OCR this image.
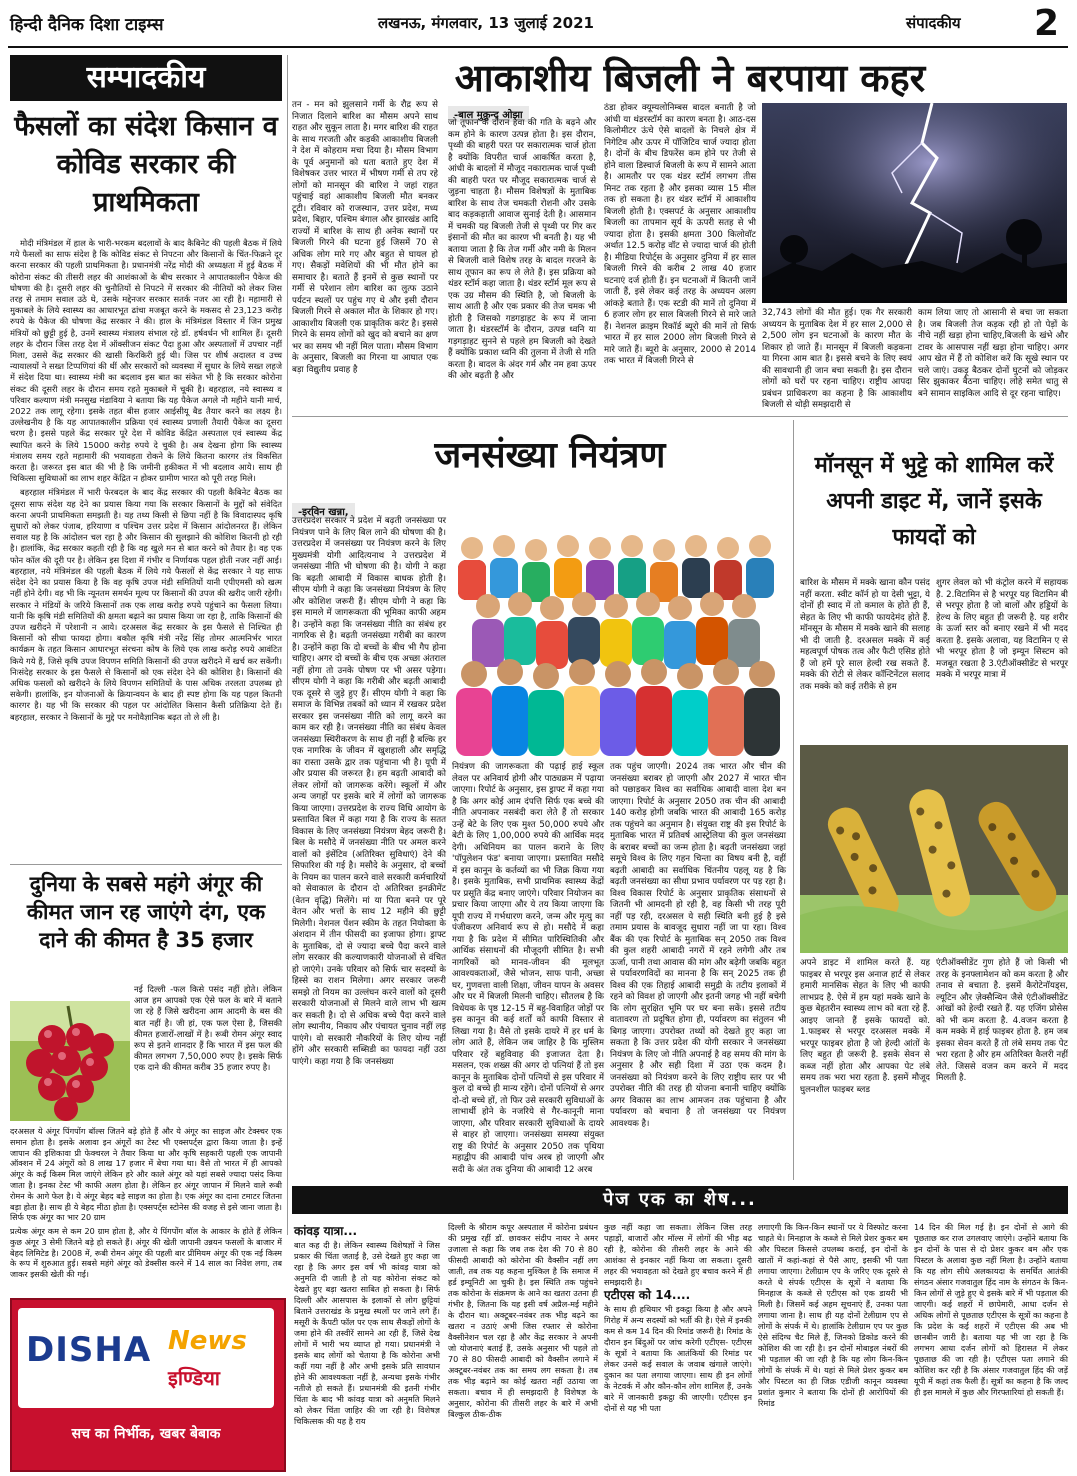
हिन्दी दैनिक दिशा टाइम्स	लखनऊ, मंगलवार, 13 जुलाई 2021	संपादकीय 2
सम्पादकीय
फैसलों का संदेश किसान व कोविड सरकार की प्राथमिकता

मोदी मंत्रिमंडल में हाल के भारी-भरकम बदलावों के बाद कैबिनेट की पहली बैठक में लिये गये फैसलों का साफ संदेश है कि कोविड संकट से निपटना और किसानों के चिंत-फिक्रने दूर करना सरकार की पहली प्राथमिकता है। प्रधानमंत्री नरेंद्र मोदी की अध्यक्षता में हुई बैठक में कोरोना संकट की तीसरी लहर की आशंकाओं के बीच सरकार ने आपातकालीन पैकेज की घोषणा की है। दूसरी लहर की चुनौतियों से निपटने में सरकार की नीतियों को लेकर जिस तरह से तमाम सवाल उठे थे, उसके मद्देनजर सरकार सतर्क नजर आ रही है। महामारी से मुकाबले के लिये स्वास्थ्य का आधारभूत ढांचा मजबूत करने के मकसद से 23,123 करोड़ रुपये के पैकेज की घोषणा केंद्र सरकार ने की। हाल के मंत्रिमंडल विस्तार में जिन प्रमुख मंत्रियों को छुट्टी हुई है, उनमें स्वास्थ्य मंत्रालय संभाल रहे डॉ. हर्षवर्धन भी शामिल हैं। दूसरी लहर के दौरान जिस तरह देश में ऑक्सीजन संकट पैदा हुआ और अस्पतालों में उपचार नहीं मिला, उससे केंद्र सरकार की खासी किरकिरी हुई थी। जिस पर शीर्ष अदालत व उच्च न्यायालयों ने सख्त टिप्पणियां की थीं और सरकारों को व्यवस्था में सुधार के लिये सख्त लहजे में संदेश दिया था। स्वास्थ्य मंत्री का बदलाव इस बात का संकेत भी है कि सरकार कोरोना संकट की दूसरी लहर के दौरान समय रहते मुकाबले में चूकी है। बहरहाल, नये स्वास्थ्य व परिवार कल्याण मंत्री मनसुख मंडाविया ने बताया कि यह पैकेज अगले नौ महीने यानी मार्च, 2022 तक लागू रहेगा। इसके तहत बीस हजार आईसीयू बैड तैयार करने का लक्ष्य है। उल्लेखनीय है कि यह आपातकालीन प्रक्रिया एवं स्वास्थ्य प्रणाली तैयारी पैकेज का दूसरा चरण है। इससे पहले केंद्र सरकार पूरे देश में कोविड केंद्रित अस्पताल एवं स्वास्थ्य केंद्र स्थापित करने के लिये 15000 करोड़ रुपये दे चुकी है। अब देखना होगा कि स्वास्थ्य मंत्रालय समय रहते महामारी की भयावहता रोकने के लिये कितना कारगर तंत्र विकसित करता है। जरूरत इस बात की भी है कि जमीनी हकीकत में भी बदलाव आये। साथ ही चिकित्सा सुविधाओं का लाभ शहर केंद्रित न होकर ग्रामीण भारत को पूरी तरह मिले।

बहरहाल मंत्रिमंडल में भारी फेरबदल के बाद केंद्र सरकार की पहली कैबिनेट बैठक का दूसरा साफ संदेश यह देने का प्रयास किया गया कि सरकार किसानों के मुद्दों को संवेदित करना अपनी प्राथमिकता समझती है। यह तथ्य किसी से छिपा नहीं है कि विवादास्पद कृषि सुधारों को लेकर पंजाब, हरियाणा व पश्चिम उत्तर प्रदेश में किसान आंदोलनरत हैं। लेकिन सवाल यह है कि आंदोलन चल रहा है और किसान की सुलझाने की कोशिश कितनी हो रही है। हालांकि, केंद्र सरकार कहती रही है कि वह खुले मन से बात करने को तैयार है। वह एक फोन कॉल की दूरी पर है। लेकिन इस दिशा में गंभीर व निर्णायक पहल होती नजर नहीं आई। बहरहाल, नये मंत्रिमंडल की पहली बैठक में लिये गये फैसलों से केंद्र सरकार ने यह साफ संदेश देने का प्रयास किया है कि वह कृषि उपज मंडी समितियों यानी एपीएमसी को खत्म नहीं होने देगी। वह भी कि न्यूनतम समर्थन मूल्य पर किसानों की उपज की खरीद जारी रहेगी। सरकार ने मंडियों के जरिये किसानों तक एक लाख करोड़ रुपये पहुंचाने का फैसला लिया। यानी कि कृषि मंडी समितियों की क्षमता बढ़ाने का प्रयास किया जा रहा है, ताकि किसानों की उपज खरीदने में परेशानी न आये। दरअसल केंद्र सरकार के इस फैसले से निश्चित ही किसानों को सीधा फायदा होगा। बकौल कृषि मंत्री नरेंद्र सिंह तोमर आत्मनिर्भर भारत कार्यक्रम के तहत किसान आधारभूत संरचना कोष के लिये एक लाख करोड़ रुपये आवंटित किये गये हैं, जिसे कृषि उपज विपणन समिति किसानों की उपज खरीदने में खर्च कर सकेंगी। निःसंदेह सरकार के इस फैसले से किसानों को एक संदेश देने की कोशिश है। किसानों की अधिक फसलों को खरीदने के लिये विपणन समितियों के पास अधिक तरलता उपलब्ध हो सकेगी। हालांकि, इन योजनाओं के क्रियान्वयन के बाद ही स्पष्ट होगा कि यह पहल कितनी कारगर है। यह भी कि सरकार की पहल पर आंदोलित किसान कैसी प्रतिक्रिया देते हैं। बहरहाल, सरकार ने किसानों के मुद्दे पर मनोवैज्ञानिक बढ़त तो ले ली है।

दुनिया के सबसे महंगे अंगूर की कीमत जान रह जाएंगे दंग, एक दाने की कीमत है 35 हजार
नई दिल्ली -फल किसे पसंद नहीं होते। लेकिन आज हम आपको एक ऐसे फल के बारे में बताने जा रहे हैं जिसे खरीदना आम आदमी के बस की बात नहीं है। जी हां, एक फल ऐसा है, जिसकी कीमत हजारों-लाखों में है। रूबी रोमन अंगूर स्वाद रूप से इतने शानदार हैं कि भारत में इस फल की कीमत लगभग 7,50,000 रुपए है। इसके सिर्फ एक दाने की कीमत करीब 35 हजार रुपए है।
दरअसल ये अंगूर पिंगपोंग बॉल्स जितने बड़े होते हैं और ये अंगूर का साइज और टेक्स्चर एक समान होता है। इसके अलावा इन अंगूरों का टेस्ट भी एक्सपर्ट्स द्वारा किया जाता है। इन्हें जापान की इशिकावा प्री फेक्चरल ने तैयार किया था और कृषि सहकारी पहली एक जापानी ऑक्शन में 24 अंगूरों को 8 लाख 17 हजार में बेचा गया था। वैसे तो भारत में ही आपको अंगूर के कई किस्म मिल जाएंगे लेकिन हरे और काले अंगूर को यहां सबसे ज्यादा पसंद किया जाता है। इनका टेस्ट भी काफी अलग होता है। लेकिन हर अंगूर जापान में मिलने वाले रूबी रोमन के आगे फेल है। ये अंगूर बेहद बड़े साइज का होता है। एक अंगूर का दाना टमाटर जितना बड़ा होता है। साथ ही ये बेहद मीठा होता है। एक्सपर्ट्स स्टोनेस की वजह से इसे जाना जाता है। सिर्फ एक अंगूर का भार 20 ग्राम
प्रत्येक अंगूर कम से कम 20 ग्राम होता है, और ये पिंगपोंग बॉल के आकार के होते हैं लेकिन कुछ अंगूर 3 सेमी जितने बड़े हो सकते हैं। अंगूर की खेती जापानी उन्नयन फसलों के बाजार में बेहद लिमिटेड है। 2008 में, रूबी रोमन अंगूर की पहली बार प्रीमियम अंगूर की एक नई किस्म के रूप में शुरुआत हुई। सबसे महंगे अंगूर को डेक्सीस करने में 14 साल का निवेश लगा, तब जाकर इसकी खेती की गई।
DISHA News
इण्डिया
सच का निर्भीक, खबर बेबाक
आकाशीय बिजली ने बरपाया कहर
तन - मन को झुलसाने गर्मी के रौद्र रूप से निजात दिलाने बारिश का मौसम अपने साथ राहत और सुकून लाता है। मगर बारिश की राहत के साथ गरजती और कड़की आकाशीय बिजली ने देश में कोहराम मचा दिया है। मौसम विभाग के पूर्व अनुमानों को धता बताते हुए देश में विशेषकर उत्तर भारत में भीषण गर्मी से तप रहे लोगों को मानसून की बारिश ने जहां राहत पहुंचाई वहां आकाशीय बिजली मौत बनकर टूटी। रविवार को राजस्थान, उत्तर प्रदेश, मध्य प्रदेश, बिहार, पश्चिम बंगाल और झारखंड आदि राज्यों में बारिश के साथ ही अनेक स्थानों पर बिजली गिरने की घटना हुई जिसमें 70 से अधिक लोग मारे गए और बहुत से घायल हो गए। सैकड़ों मवेशियों की भी मौत होने का समाचार है। बताते हैं इनमें से कुछ स्थानों पर गर्मी से परेशान लोग बारिश का लुत्फ उठाने पर्यटन स्थलों पर पहुंच गए थे और इसी दौरान बिजली गिरने से अकाल मौत के शिकार हो गए। आकाशीय बिजली एक प्राकृतिक करंट है। इससे गिरने के समय लोगों को खुद को बचाने का क्षण भर का समय भी नहीं मिल पाता। मौसम विभाग के अनुसार, बिजली का गिरना या आघात एक बड़ा विद्युतीय प्रवाह है
-बाल मुकुन्द ओझा
जो तूफान के दौरान हवा की गति के बढ़ने और कम होने के कारण उत्पन्न होता है। इस दौरान, पृथ्वी की बाहरी परत पर सकारात्मक चार्ज होता है क्योंकि विपरीत चार्ज आकर्षित करता है, आंधी के बादलों में मौजूद नकारात्मक चार्ज पृथ्वी की बाहरी परत पर मौजूद सकारात्मक चार्ज से जुड़ना चाहता है। मौसम विशेषज्ञों के मुताबिक बारिश के साथ तेज चमकती रोशनी और उसके बाद कड़कड़ाती आवाज सुनाई देती है। आसमान में चमकी यह बिजली तेजी से पृथ्वी पर गिर कर इंसानों की मौत का कारण भी बनती है। यह भी बताया जाता है कि तेज गर्मी और नमी के मिलन से बिजली वाले विशेष तरह के बादल गरजने के साथ तूफान का रूप ले लेते हैं। इस प्रक्रिया को थंडर स्टॉर्म कहा जाता है। थंडर स्टॉर्म मूल रूप से एक उग्र मौसम की स्थिति है, जो बिजली के साथ आती है और एक प्रकार की तेज चमक भी होती है जिसको गडगड़ाहट के रूप में जाना जाता है। थंडरस्टॉर्म के दौरान, उत्पन्न ध्वनि या गड़गड़ाहट सुनने से पहले हम बिजली को देखते हैं क्योंकि प्रकाश ध्वनि की तुलना में तेजी से गति करता है। बादल के अंदर गर्म और नम हवा ऊपर की ओर बढ़ती है और
ठंडा होकर क्यूम्यलोनिम्बस बादल बनाती है जो आंधी या थंडरस्टॉर्म का कारण बनता है। आठ-दस किलोमीटर ऊंचे ऐसे बादलों के निचले क्षेत्र में निगेटिव और ऊपर में पॉजिटिव चार्ज ज्यादा होता है। दोनों के बीच डिफरेंस कम होने पर तेजी से होने वाला डिस्चार्ज बिजली के रूप में सामने आता है। आमतौर पर एक थंडर स्टॉर्म लगभग तीस मिनट तक रहता है और इसका व्यास 15 मील तक हो सकता है। हर थंडर स्टॉर्म में आकाशीय बिजली होती है। एक्सपर्ट के अनुसार आकाशीय बिजली का तापमान सूर्य के ऊपरी सतह से भी ज्यादा होता है। इसकी क्षमता 300 किलोवॉट अर्थात 12.5 करोड़ वॉट से ज्यादा चार्ज की होती है। मीडिया रिपोर्ट्स के अनुसार दुनिया में हर साल बिजली गिरने की करीब 2 लाख 40 हजार घटनाएं दर्ज होती हैं। इन घटनाओं में कितनी जानें जाती हैं, इसे लेकर कई तरह के अध्ययन अलग आंकड़े बताते हैं। एक स्टडी की मानें तो दुनिया में 6 हजार लोग हर साल बिजली गिरने से मारे जाते हैं। नेशनल क्राइम रिकॉर्ड ब्यूरो की मानें तो सिर्फ भारत में हर साल 2000 लोग बिजली गिरने से मारे जाते हैं। ब्यूरो के अनुसार, 2000 से 2014 तक भारत में बिजली गिरने से
32,743 लोगों की मौत हुई। एक गैर सरकारी अध्ययन के मुताबिक देश में हर साल 2,000 से 2,500 लोग इन घटनाओं के कारण मौत के शिकार हो जाते हैं। मानसून में बिजली कड़कना या गिरना आम बात है। इससे बचने के लिए स्वयं की सावधानी ही जान बचा सकती है। इस दौरान लोगों को घरों पर रहना चाहिए। राष्ट्रीय आपदा प्रबंधन प्राधिकरण का कहना है कि आकाशीय बिजली से थोड़ी समझदारी से
काम लिया जाए तो आसानी से बचा जा सकता है। जब बिजली तेज कड़क रही हो तो पेड़ों के नीचे नहीं खड़ा होना चाहिए,बिजली के खंभे और टावर के आसपास नहीं खड़ा होना चाहिए। अगर आप खेत में हैं तो कोशिश करें कि सूखे स्थान पर चले जाएं। उकड़ू बैठकर दोनों घुटनों को जोड़कर सिर झुकाकर बैठना चाहिए। लोहे समेत धातु से बने सामान साइकिल आदि से दूर रहना चाहिए।
जनसंख्या नियंत्रण
-इरविन खन्ना,
उत्तरप्रदेश सरकार ने प्रदेश में बढ़ती जनसंख्या पर नियंत्रण पाने के लिए बिल लाने की घोषणा की है। उत्तरप्रदेश में जनसंख्या पर नियंत्रण करने के लिए मुख्यमंत्री योगी आदित्यनाथ ने उत्तरप्रदेश में जनसंख्या नीति भी घोषणा की है। योगी ने कहा कि बढ़ती आबादी में विकास बाधक होती है। सीएम योगी ने कहा कि जनसंख्या नियंत्रण के लिए और कोशिश जरूरी हैं। सीएम योगी ने कहा कि इस मामले में जागरूकता की भूमिका काफी अहम है। उन्होंने कहा कि जनसंख्या नीति का संबंध हर नागरिक से है। बढ़ती जनसंख्या गरीबी का कारण है। उन्होंने कहा कि दो बच्चों के बीच भी गैप होना चाहिए। अगर दो बच्चों के बीच एक अच्छा अंतराल नहीं होगा तो उनके पोषण पर भी असर पड़ेगा। सीएम योगी ने कहा कि गरीबी और बढ़ती आबादी एक दूसरे से जुड़े हुए हैं। सीएम योगी ने कहा कि समाज के विभिन्न तबकों को ध्यान में रखकर प्रदेश सरकार इस जनसंख्या नीति को लागू करने का काम कर रही है। जनसंख्या नीति का संबंध केवल जनसंख्या स्थिरीकरण के साथ ही नहीं है बल्कि हर एक नागरिक के जीवन में खुशहाली और समृद्धि का रास्ता उसके द्वार तक पहुंचाना भी है। यूपी में और प्रयास की जरूरत है। हम बढ़ती आबादी को लेकर लोगों को जागरूक करेंगे। स्कूलों में और अन्य जगहों पर इसके बारे में लोगों को जागरूक किया जाएगा। उत्तरप्रदेश के राज्य विधि आयोग के प्रस्तावित बिल में कहा गया है कि राज्य के सतत विकास के लिए जनसंख्या नियंत्रण बेहद जरूरी है। बिल के मसौदे में जनसंख्या नीति पर अमल करने वालों को इंसेंटिव (अतिरिक्त सुविधाएं) देने की सिफारिश की गई है। मसौदे के अनुसार, दो बच्चों के नियम का पालन करने वाले सरकारी कर्मचारियों को सेवाकाल के दौरान दो अतिरिक्त इनक्रीमेंट (वेतन वृद्धि) मिलेंगे। मां या पिता बनने पर पूरे वेतन और भत्तों के साथ 12 महीने की छुट्टी मिलेगी। नेशनल पेंशन स्कीम के तहत नियोक्ता के अंशदान में तीन फीसदी का इजाफा होगा। ड्राफ्ट के मुताबिक, दो से ज्यादा बच्चे पैदा करने वाले लोग सरकार की कल्याणकारी योजनाओं से वंचित हो जाएंगे। उनके परिवार को सिर्फ चार सदस्यों के हिस्से का राशन मिलेगा। अगर सरकार जरूरी समझे तो नियम का उल्लंघन करने वालों को दूसरी सरकारी योजनाओं से मिलने वाले लाभ भी खत्म कर सकती है। दो से अधिक बच्चे पैदा करने वाले लोग स्थानीय, निकाय और पंचायत चुनाव नहीं लड़ पाएंगे। वो सरकारी नौकरियों के लिए योग्य नहीं होंगे और सरकारी सब्सिडी का फायदा नहीं उठा पाएंगे। कहा गया है कि जनसंख्या
नियंत्रण की जागरूकता की पढ़ाई हाई स्कूल लेवल पर अनिवार्य होगी और पाठ्यक्रम में पढ़ाया जाएगा। रिपोर्ट के अनुसार, इस ड्राफ्ट में कहा गया है कि अगर कोई आम दंपत्ति सिर्फ एक बच्चे की नीति अपनाकर नसबंदी करा लेते हैं तो सरकार उन्हें बेटे के लिए एक मुश्त 50,000 रुपये और बेटी के लिए 1,00,000 रुपये की आर्थिक मदद देगी। अधिनियम का पालन कराने के लिए 'पॉपुलेशन फंड' बनाया जाएगा। प्रस्तावित मसौदे में इस कानून के कर्तव्यों का भी जिक्र किया गया है। इसके मुताबिक, सभी प्राथमिक स्वास्थ्य केंद्रों पर प्रसूति केंद्र बनाए जाएंगे। परिवार नियोजन का प्रचार किया जाएगा और ये तय किया जाएगा कि यूपी राज्य में गर्भधारण करने, जन्म और मृत्यु का पंजीकरण अनिवार्य रूप से हो। मसौदे में कहा गया है कि प्रदेश में सीमित पारिस्थितिकी और आर्थिक संसाधनों की मौजूदगी सीमित है। सभी नागरिकों को मानव-जीवन की मूलभूत आवश्यकताओं, जैसे भोजन, साफ पानी, अच्छा घर, गुणवत्ता वाली शिक्षा, जीवन यापन के अवसर और घर में बिजली मिलनी चाहिए। सौतलब है कि विधेयक के पृष्ठ 12-15 में बहु-विवाहित जोड़ों पर इस कानून की कई शर्तों को काफी विस्तार से लिखा गया है। वैसे तो इसके दायरे में हर धर्म के लोग आते हैं, लेकिन जब जाहिर है कि मुस्लिम परिवार रहें बहुविवाह की इजाजत देता है। मसलन, एक शख्स की अगर दो पत्नियां हैं तो इस कानून के मुताबिक दोनों पत्नियों से इस परिवार में कुल दो बच्चे ही मान्य रहेंगे। दोनों पत्नियों से अगर दो-दो बच्चे हों, तो फिर उसे सरकारी सुविधाओं के लाभार्थी होने के नजरिये से गैर-कानूनी माना जाएगा, और परिवार सरकारी सुविधाओं के दायरे से बाहर हो जाएगा। जनसंख्या समस्या संयुक्त राष्ट्र की रिपोर्ट के अनुसार 2050 तक पृथिया महाद्वीप की आबादी पांच अरब हो जाएगी और सदी के अंत तक दुनिया की आबादी 12 अरब
तक पहुंच जाएगी। 2024 तक भारत और चीन की जनसंख्या बराबर हो जाएगी और 2027 में भारत चीन को पछाड़कर विश्व का सर्वाधिक आबादी वाला देश बन जाएगा। रिपोर्ट के अनुसार 2050 तक चीन की आबादी 140 करोड़ होगी जबकि भारत की आबादी 165 करोड़ तक पहुंचने का अनुमान है। संयुक्त राष्ट्र की इस रिपोर्ट के मुताबिक भारत में प्रतिवर्ष आस्ट्रेलिया की कुल जनसंख्या के बराबर बच्चों का जन्म होता है। बढ़ती जनसंख्या जहां समूचे विश्व के लिए गहन चिन्ता का विषय बनी है, वहीं बढ़ती आबादी का सर्वाधिक चिंतनीय पहलू यह है कि बढ़ती जनसंख्या का सीधा प्रभाव पर्यावरण पर पड़ रहा है। विश्व विकास रिपोर्ट के अनुसार प्राकृतिक संसाधनों से जितनी भी आमदनी हो रही है, वह किसी भी तरह पूरी नहीं पड़ रही, दरअसल ये सही स्थिति बनी हुई है इसे तमाम प्रयास के बावजूद सुधारा नहीं जा पा रहा। विश्व बैंक की एक रिपोर्ट के मुताबिक सन् 2050 तक विश्व की कुल शहरी आबादी नगरों में रहने लगेगी और तब ऊर्जा, पानी तथा आवास की मांग और बढ़ेगी जबकि बहुत से पर्यावरणविदों का मानना है कि सन् 2025 तक ही विश्व की एक तिहाई आबादी समुद्री के तटीय इलाकों में रहने को विवश हो जाएगी और इतनी जगह भी नहीं बचेगी कि लोग सुरक्षित भूमि पर घर बना सकें। इससे तटीय वातावरण तो प्रदूषित होगा ही, पर्यावरण का संतुलन भी बिगड़ जाएगा। उपरोक्त तथ्यों को देखते हुए कहा जा सकता है कि उत्तर प्रदेश की योगी सरकार ने जनसंख्या नियंत्रण के लिए जो नीति अपनाई है वह समय की मांग के अनुसार है और सही दिशा में उठा एक कदम है। जनसंख्या को नियंत्रण करने के लिए राष्ट्रीय स्तर पर भी उपरोक्त नीति की तरह ही योजना बनानी चाहिए क्योंकि अगर विकास का लाभ आमजन तक पहुंचाना है और पर्यावरण को बचाना है तो जनसंख्या पर नियंत्रण आवश्यक है।
मॉनसून में भुट्टे को शामिल करें अपनी डाइट में, जानें इसके फायदों को
बारिश के मौसम में मक्के खाना कौन पसंद नहीं करता. स्वीट कॉर्न हो या देसी भुट्टा, ये दोनों ही स्वाद में तो कमाल के होते ही हैं, सेहत के लिए भी काफी फायदेमंद होते हैं. मॉनसून के मौसम में मक्के खाने की सलाह भी दी जाती है. दरअसल मक्के में कई महत्वपूर्ण पोषक तत्व और फैटी एसिड होते हैं जो हमें पूरे साल हेल्दी रख सकते हैं. मक्के की रोटी से लेकर कॉन्टिनेंटल सलाद तक मक्के को कई तरीके से हम
शुगर लेवल को भी कंट्रोल करने में सहायक है. 2.विटामिन से है भरपूर यह विटामिन बी से भरपूर होता है जो बालों और हड्डियों के हेल्थ के लिए बहुत ही जरूरी है. यह शरीर के ऊर्जा स्तर को बनाए रखने में भी मदद करता है. इसके अलावा, यह विटामिन ए से भी भरपूर होता है जो इम्यून सिस्टम को मजबूत रखता है 3.एंटीऑक्सीडेंट से भरपूर मक्के में भरपूर मात्रा में
अपने डाइट में शामिल करते हैं. यह फाइबर से भरपूर इस अनाज हार्ट से लेकर हमारी मानसिक सेहत के लिए भी काफी लाभप्रद है. ऐसे में हम यहां मक्के खाने के कुछ बेहतरीन स्वास्थ्य लाभ को बता रहे हैं. आइए जानते हैं इसके फायदों को. 1.फाइबर से भरपूर दरअसल मक्के में भरपूर फाइबर होता है जो हेल्दी आंतों के लिए बहुत ही जरूरी है. इसके सेवन से कब्ज नहीं होता और आपका पेट लंबे समय तक भरा भरा रहता है. इसमें मौजूद घुलनशील फाइबर ब्लड
एंटीऑक्सीडेंट गुण होते हैं जो किसी भी तरह के इनफ्लामेशन को कम करता है और तनाव से बचाता है. इसमें कैरोटेनॉयड्स, ल्यूटिन और ज़ेक्सैन्थिन जैसे एंटीऑक्सीडेंट आंखों को हेल्दी रखते हैं. यह एजिंग प्रोसेस को भी कम करता है. 4.वजन करता है कम मक्के में हाई फाइबर होता है. हम जब इसका सेवन करते हैं तो लंबे समय तक पेट भरा रहता है और हम अतिरिक्त कैलरी नहीं लेते. जिससे वजन कम करने में मदद मिलती है.
पेज एक का शेष...
कांवड़ यात्रा...
बात कह दी है। लेकिन स्वास्थ्य विशेषज्ञों ने जिस प्रकार की चिंता जताई है, उसे देखते हुए कहा जा रहा है कि अगर इस वर्ष भी कांवड़ यात्रा को अनुमति दी जाती है तो यह कोरोना संकट को देखते हुए बड़ा खतरा साबित हो सकता है। सिर्फ दिल्ली और आसपास के इलाकों से लोग छुट्टियां बिताने उत्तराखंड के प्रमुख स्थलों पर जाने लगे हैं। मसूरी के कैंपटी फॉल पर एक साथ सैकड़ों लोगों के जमा होने की तस्वीरें सामने आ रही हैं, जिसे देख लोगों में भारी भय व्याप्त हो गया। प्रधानमंत्री ने इसके बाद लोगों को चेताया है कि कोरोना अभी कहीं गया नहीं है और अभी इसके प्रति सावधान होने की आवश्यकता नहीं है, अन्यथा इसके गंभीर नतीजे हो सकते हैं। प्रधानमंत्री की इतनी गंभीर चिंता के बाद भी कांवड़ यात्रा को अनुमति मिलने को लेकर चिंता जाहिर की जा रही है। विशेषज्ञ चिकित्सक की यह है राय
दिल्ली के श्रीराम कपूर अस्पताल में कोरोना प्रबंधन की प्रमुख रहीं डॉ. छावकर संदीप नायर ने अमर उजाला से कहा कि जब तक देश की 70 से 80 फीसदी आबादी को कोरोना की वैक्सीन नहीं लग जाती, तब तक यह कहना मुश्किल है कि समाज में हर्ड इम्यूनिटी आ चुकी है। इस स्थिति तक पहुंचने तक कोरोना के संक्रमण के आने का खतरा उतना ही गंभीर है, जितना कि यह इसी वर्ष अप्रैल-मई महीने के दौरान था। अक्टूबर-नवंबर तक भीड़ बढ़ने का खतरा न उठाएं अभी जिस रफ्तार से कोरोना वैक्सीनेशन चल रहा है और केंद्र सरकार ने अपनी जो योजनाएं बताई हैं, उसके अनुसार भी पहले तो 70 से 80 फीसदी आबादी को वैक्सीन लगाने में अक्टूबर-नवंबर तक का समय लग सकता है। तब तक भीड़ बढ़ाने का कोई खतरा नहीं उठाया जा सकता। बचाव में ही समझदारी है विशेषज्ञ के अनुसार, कोरोना की तीसरी लहर के बारे में अभी बिल्कुल ठीक-ठीक
कुछ नहीं कहा जा सकता। लेकिन जिस तरह पहाड़ों, बाजारों और मॉल्स में लोगों की भीड़ बढ़ रही है, कोरोना की तीसरी लहर के आने की आशंका से इनकार नहीं किया जा सकता। दूसरी लहर की भयावहता को देखते हुए बचाव करने में ही समझदारी है।
एटीएस को 14....
के साथ ही हथियार भी इकट्ठा किया है और अपने गिरोह में अन्य सदस्यों को भर्ती की है। ऐसे में इनकी कम से कम 14 दिन की रिमांड जरूरी है। रिमांड के दौरान इन बिंदुओं पर जांच करेगी एटीएस- एटीएस के सूत्रों ने बताया कि आतंकियों की रिमांड पर लेकर उनसे कई सवाल के जवाब खंगाले जाएंगे। दुकान का पता लगाया जाएगा। साथ ही इन लोगों के नेटवर्क में और कौन-कौन लोग शामिल हैं, उनके बारे में जानकारी इकट्ठा की जाएगी। एटीएस इन दोनों से यह भी पता
लगाएगी कि किन-किन स्थानों पर ये विस्फोट करना चाहते थे। मिनहाज के कब्जे से मिले प्रेशर कुकर बम और पिस्टल किससे उपलब्ध कराई, इन दोनों के खातों में कहां-कहां से पैसे आए, इसकी भी पता लगाया जाएगा। टेलीग्राम एप के जरिए एक दूसरे से करते थे संपर्क एटीएस के सूत्रों ने बताया कि मिनहाज के कब्जे से एटीएस को एक डायरी भी मिली है। जिसमें कई अहम सूचनाएं हैं, उनका पता लगाया जाना है। साथ ही यह दोनों टेलीग्राम एप से लोगों के संपर्क में थे। हालांकि टेलीग्राम एप पर कुछ ऐसे संदिग्ध चैट मिले हैं, जिनको डिकोड करने की कोशिश की जा रही है। इन दोनों मोबाइल नंबरों की भी पड़ताल की जा रही है कि यह लोग किन-किन लोगों के संपर्क में थे। यहां से मिले प्रेशर कुकर बम और पिस्टल का ही जिक्र एडीजी कानून व्यवस्था प्रशांत कुमार ने बताया कि दोनों ही आरोपियों की रिमांड
14 दिन की मिल गई है। इन दोनों से आगे की पूछताछ कर राज उगलवाए जाएंगे। उन्होंने बताया कि इन दोनों के पास से दो प्रेशर कुकर बम और एक पिस्टल के अलावा कुछ नहीं मिला है। उन्होंने बताया कि यह लोग सीधे अलकायदा के समर्थित आतंकी संगठन अंसार गजवातुल हिंद नाम के संगठन के किन-किन लोगों से जुड़े हुए थे इसके बारे में भी पड़ताल की जाएगी। कई शहरों में छापेमारी, आधा दर्जन से अधिक लोगों से पूछताछ एटीएस के सूत्रों का कहना है कि प्रदेश के कई शहरों में एटीएस की अब भी छानबीन जारी है। बताया यह भी जा रहा है कि लगभग आधा दर्जन लोगों को हिरासत में लेकर पूछताछ की जा रही है। एटीएस पता लगाने की कोशिश कर रही है कि अंसार गजवातुल हिंद की जड़ें यूपी में कहां तक फैली हैं। सूत्रों का कहना है कि जल्द ही इस मामले में कुछ और गिरफ्तारियां हो सकती हैं।
